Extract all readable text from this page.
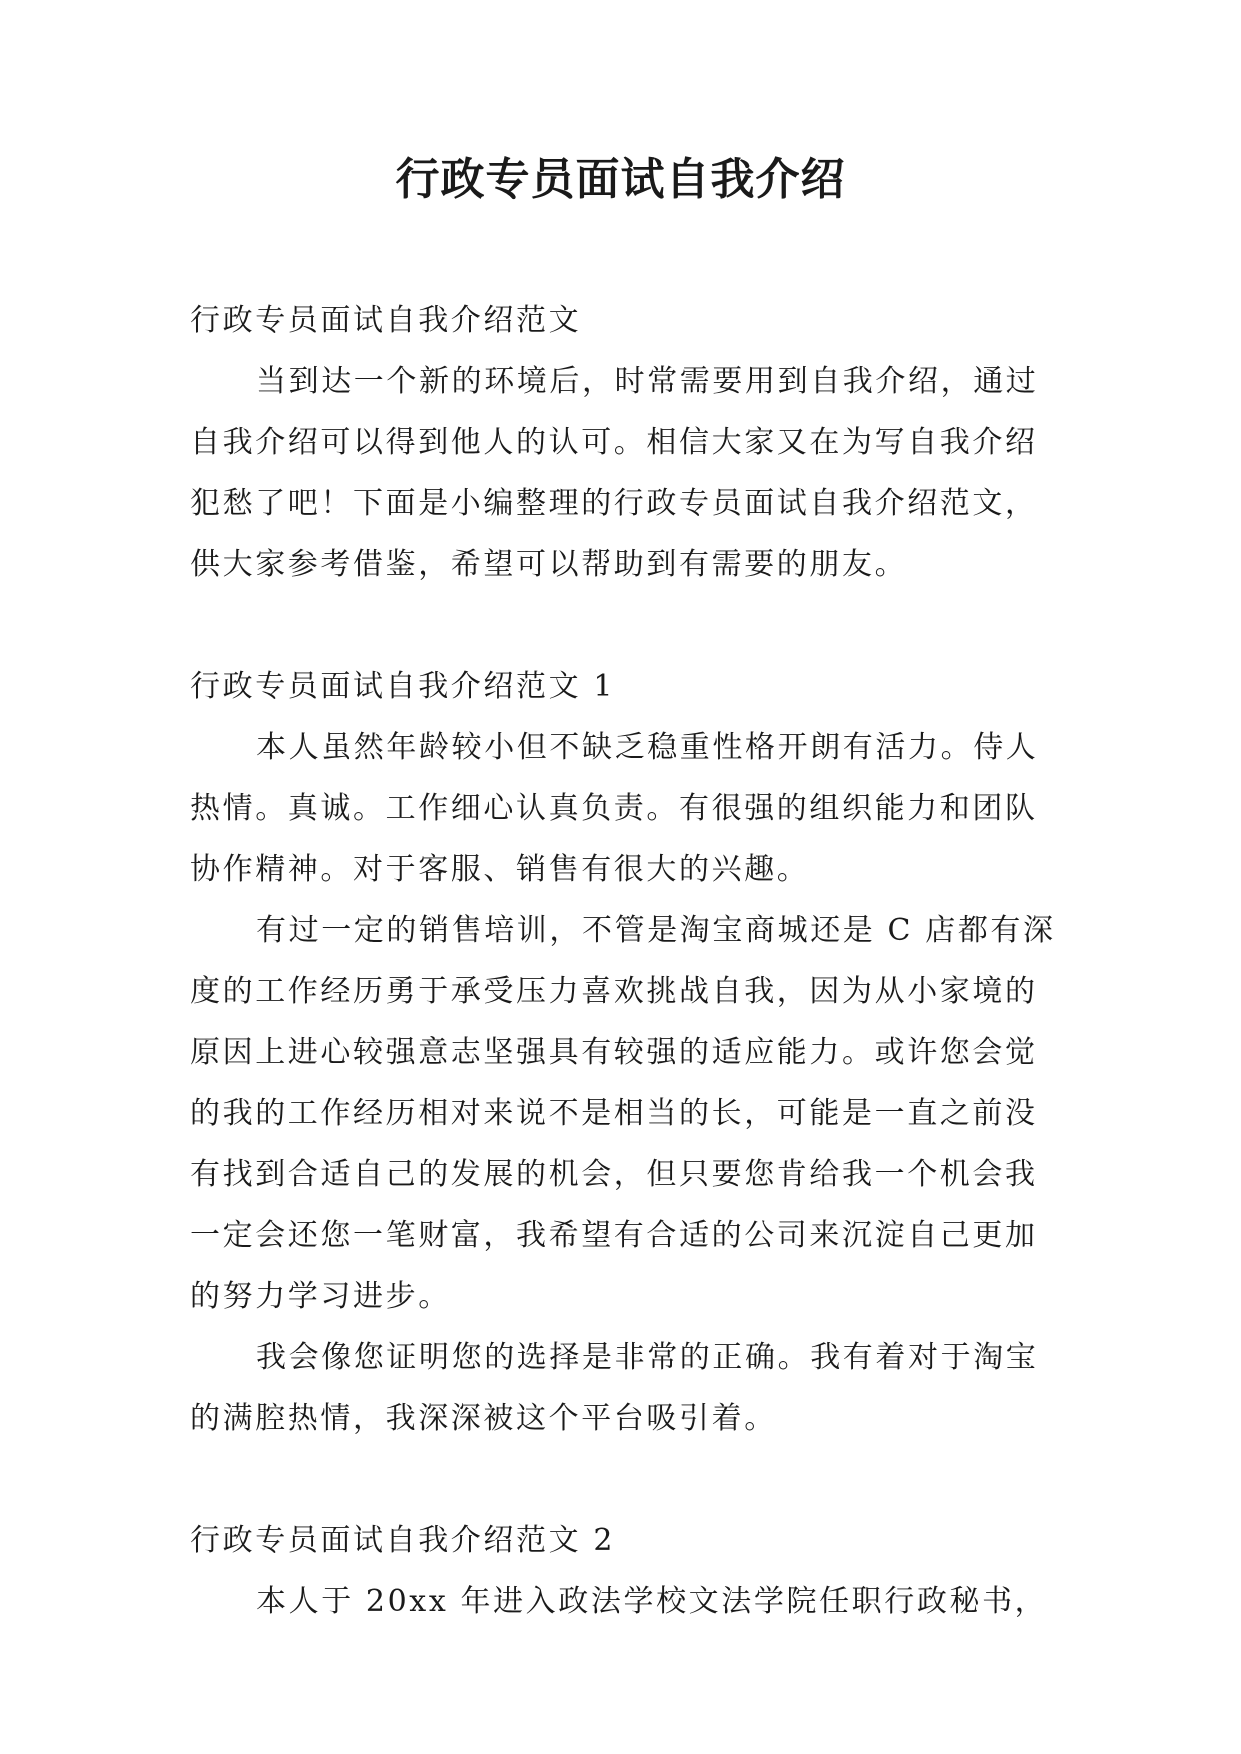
行政专员面试自我介绍
行政专员面试自我介绍范文
当到达一个新的环境后，时常需要用到自我介绍，通过
自我介绍可以得到他人的认可。相信大家又在为写自我介绍
犯愁了吧！下面是小编整理的行政专员面试自我介绍范文，
供大家参考借鉴，希望可以帮助到有需要的朋友。
行政专员面试自我介绍范文 1
本人虽然年龄较小但不缺乏稳重性格开朗有活力。侍人
热情。真诚。工作细心认真负责。有很强的组织能力和团队
协作精神。对于客服、销售有很大的兴趣。
有过一定的销售培训，不管是淘宝商城还是 C 店都有深
度的工作经历勇于承受压力喜欢挑战自我，因为从小家境的
原因上进心较强意志坚强具有较强的适应能力。或许您会觉
的我的工作经历相对来说不是相当的长，可能是一直之前没
有找到合适自己的发展的机会，但只要您肯给我一个机会我
一定会还您一笔财富，我希望有合适的公司来沉淀自己更加
的努力学习进步。
我会像您证明您的选择是非常的正确。我有着对于淘宝
的满腔热情，我深深被这个平台吸引着。
行政专员面试自我介绍范文 2
本人于 20xx 年进入政法学校文法学院任职行政秘书，
